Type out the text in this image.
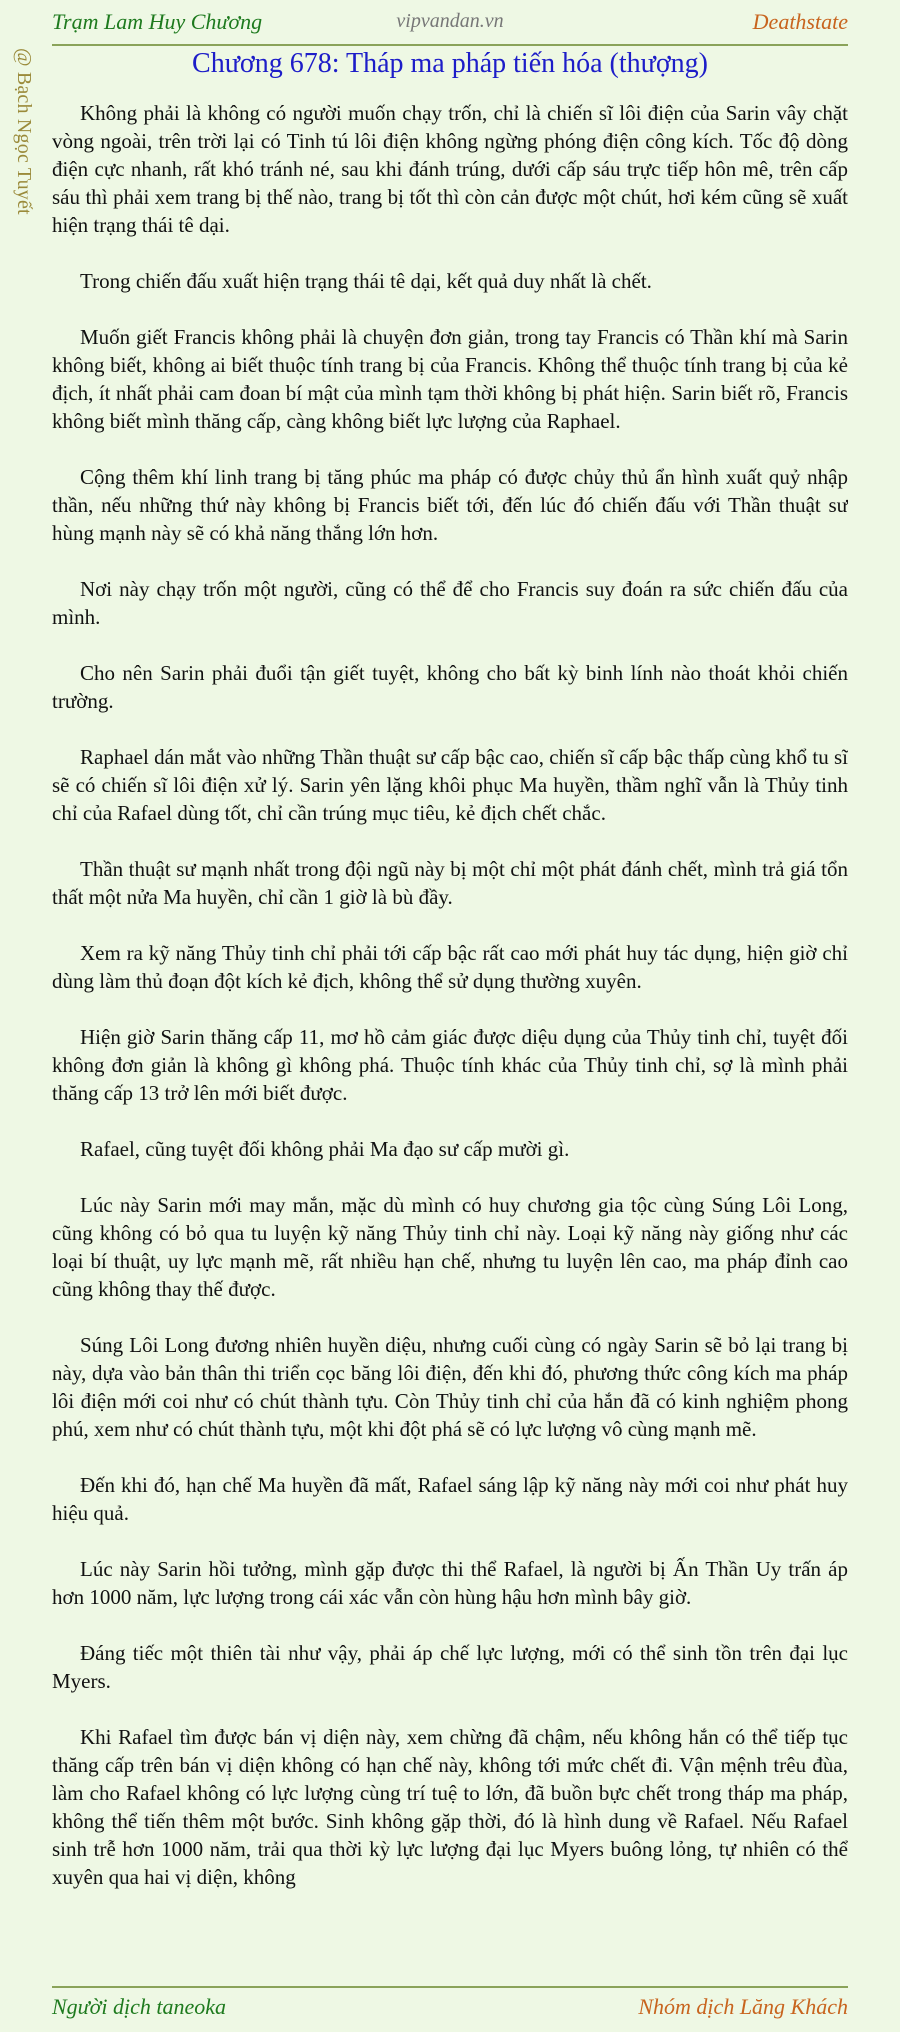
Trạm Lam Huy Chương	vipvandan.vn	Deathstate
@ Bạch Ngọc Tuyết	Chương 678: Tháp ma pháp tiến hóa (thượng)

Không phải là không có người muốn chạy trốn, chỉ là chiến sĩ lôi điện của Sarin vây chặt vòng ngoài, trên trời lại có Tinh tú lôi điện không ngừng phóng điện công kích. Tốc độ dòng điện cực nhanh, rất khó tránh né, sau khi đánh trúng, dưới cấp sáu trực tiếp hôn mê, trên cấp sáu thì phải xem trang bị thế nào, trang bị tốt thì còn cản được một chút, hơi kém cũng sẽ xuất hiện trạng thái tê dại.

Trong chiến đấu xuất hiện trạng thái tê dại, kết quả duy nhất là chết.

Muốn giết Francis không phải là chuyện đơn giản, trong tay Francis có Thần khí mà Sarin không biết, không ai biết thuộc tính trang bị của Francis. Không thể thuộc tính trang bị của kẻ địch, ít nhất phải cam đoan bí mật của mình tạm thời không bị phát hiện. Sarin biết rõ, Francis không biết mình thăng cấp, càng không biết lực lượng của Raphael.

Cộng thêm khí linh trang bị tăng phúc ma pháp có được chủy thủ ẩn hình xuất quỷ nhập thần, nếu những thứ này không bị Francis biết tới, đến lúc đó chiến đấu với Thần thuật sư hùng mạnh này sẽ có khả năng thắng lớn hơn.

Nơi này chạy trốn một người, cũng có thể để cho Francis suy đoán ra sức chiến đấu của mình.

Cho nên Sarin phải đuổi tận giết tuyệt, không cho bất kỳ binh lính nào thoát khỏi chiến trường.

Raphael dán mắt vào những Thần thuật sư cấp bậc cao, chiến sĩ cấp bậc thấp cùng khổ tu sĩ sẽ có chiến sĩ lôi điện xử lý. Sarin yên lặng khôi phục Ma huyền, thầm nghĩ vẫn là Thủy tinh chỉ của Rafael dùng tốt, chỉ cần trúng mục tiêu, kẻ địch chết chắc.

Thần thuật sư mạnh nhất trong đội ngũ này bị một chỉ một phát đánh chết, mình trả giá tổn thất một nửa Ma huyền, chỉ cần 1 giờ là bù đầy.

Xem ra kỹ năng Thủy tinh chỉ phải tới cấp bậc rất cao mới phát huy tác dụng, hiện giờ chỉ dùng làm thủ đoạn đột kích kẻ địch, không thể sử dụng thường xuyên.

Hiện giờ Sarin thăng cấp 11, mơ hồ cảm giác được diệu dụng của Thủy tinh chỉ, tuyệt đối không đơn giản là không gì không phá. Thuộc tính khác của Thủy tinh chỉ, sợ là mình phải thăng cấp 13 trở lên mới biết được.

Rafael, cũng tuyệt đối không phải Ma đạo sư cấp mười gì.

Lúc này Sarin mới may mắn, mặc dù mình có huy chương gia tộc cùng Súng Lôi Long, cũng không có bỏ qua tu luyện kỹ năng Thủy tinh chỉ này. Loại kỹ năng này giống như các loại bí thuật, uy lực mạnh mẽ, rất nhiều hạn chế, nhưng tu luyện lên cao, ma pháp đỉnh cao cũng không thay thế được.

Súng Lôi Long đương nhiên huyền diệu, nhưng cuối cùng có ngày Sarin sẽ bỏ lại trang bị này, dựa vào bản thân thi triển cọc băng lôi điện, đến khi đó, phương thức công kích ma pháp lôi điện mới coi như có chút thành tựu. Còn Thủy tinh chỉ của hắn đã có kinh nghiệm phong phú, xem như có chút thành tựu, một khi đột phá sẽ có lực lượng vô cùng mạnh mẽ.

Đến khi đó, hạn chế Ma huyền đã mất, Rafael sáng lập kỹ năng này mới coi như phát huy hiệu quả.

Lúc này Sarin hồi tưởng, mình gặp được thi thể Rafael, là người bị Ấn Thần Uy trấn áp hơn 1000 năm, lực lượng trong cái xác vẫn còn hùng hậu hơn mình bây giờ.

Đáng tiếc một thiên tài như vậy, phải áp chế lực lượng, mới có thể sinh tồn trên đại lục Myers.

Khi Rafael tìm được bán vị diện này, xem chừng đã chậm, nếu không hắn có thể tiếp tục thăng cấp trên bán vị diện không có hạn chế này, không tới mức chết đi. Vận mệnh trêu đùa, làm cho Rafael không có lực lượng cùng trí tuệ to lớn, đã buồn bực chết trong tháp ma pháp, không thể tiến thêm một bước. Sinh không gặp thời, đó là hình dung về Rafael. Nếu Rafael sinh trễ hơn 1000 năm, trải qua thời kỳ lực lượng đại lục Myers buông lỏng, tự nhiên có thể xuyên qua hai vị diện, không

Người dịch taneoka	Nhóm dịch Lăng Khách
